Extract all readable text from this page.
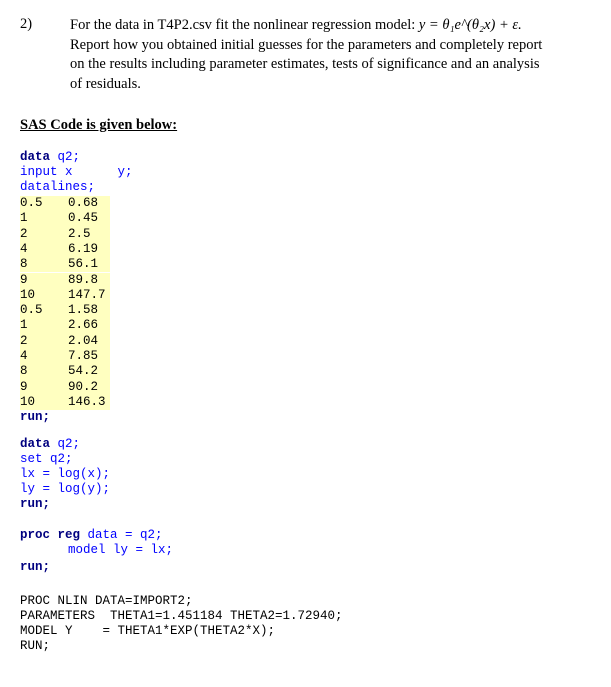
2)	For the data in T4P2.csv fit the nonlinear regression model: y = θ₁e^(θ₂x) + ε.
Report how you obtained initial guesses for the parameters and completely report
on the results including parameter estimates, tests of significance and an analysis
of residuals.
SAS Code is given below:
data q2;
input x      y;
datalines;
0.5 0.68
1	0.45
2	2.5
4	6.19
8	56.1
9	89.8
10	147.7
0.5 1.58
1	2.66
2	2.04
4	7.85
8	54.2
9	90.2
10	146.3
run;
data q2;
set q2;
lx = log(x);
ly = log(y);
run;
proc reg data = q2;
model ly = lx;
run;
PROC NLIN DATA=IMPORT2;
PARAMETERS  THETA1=1.451184 THETA2=1.72940;
MODEL Y    = THETA1*EXP(THETA2*X);
RUN;
